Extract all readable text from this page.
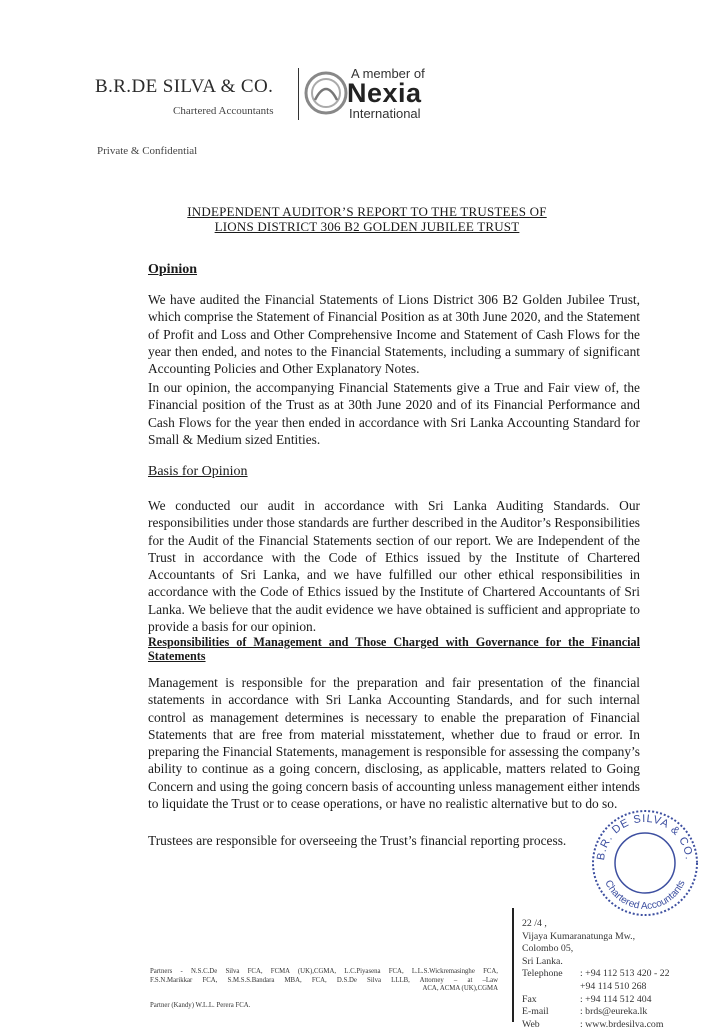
B.R.DE SILVA & CO.
Chartered Accountants
A member of
Nexia
International
Private & Confidential
INDEPENDENT AUDITOR’S REPORT TO THE TRUSTEES OF
LIONS DISTRICT 306 B2 GOLDEN JUBILEE TRUST
Opinion

We have audited the Financial Statements of Lions District 306 B2 Golden Jubilee Trust, which comprise the Statement of Financial Position as at 30th June 2020, and the Statement of Profit and Loss and Other Comprehensive Income and Statement of Cash Flows for the year then ended, and notes to the Financial Statements, including a summary of significant Accounting Policies and Other Explanatory Notes.

In our opinion, the accompanying Financial Statements give a True and Fair view of, the Financial position of the Trust as at 30th June 2020 and of its Financial Performance and Cash Flows for the year then ended in accordance with Sri Lanka Accounting Standard for Small & Medium sized Entities.

Basis for Opinion

We conducted our audit in accordance with Sri Lanka Auditing Standards. Our responsibilities under those standards are further described in the Auditor’s Responsibilities for the Audit of the Financial Statements section of our report. We are Independent of the Trust in accordance with the Code of Ethics issued by the Institute of Chartered Accountants of Sri Lanka, and we have fulfilled our other ethical responsibilities in accordance with the Code of Ethics issued by the Institute of Chartered Accountants of Sri Lanka. We believe that the audit evidence we have obtained is sufficient and appropriate to provide a basis for our opinion.

Responsibilities of Management and Those Charged with Governance for the Financial Statements

Management is responsible for the preparation and fair presentation of the financial statements in accordance with Sri Lanka Accounting Standards, and for such internal control as management determines is necessary to enable the preparation of Financial Statements that are free from material misstatement, whether due to fraud or error. In preparing the Financial Statements, management is responsible for assessing the company’s ability to continue as a going concern, disclosing, as applicable, matters related to Going Concern and using the going concern basis of accounting unless management either intends to liquidate the Trust or to cease operations, or have no realistic alternative but to do so.

Trustees are responsible for overseeing the Trust’s financial reporting process.

B.R. DE SILVA & CO.
Chartered Accountants
Partners - N.S.C.De Silva FCA, FCMA (UK),CGMA, L.C.Piyasena FCA, L.L.S.Wickremasinghe FCA,
F.S.N.Marikkar FCA, S.M.S.S.Bandara MBA, FCA, D.S.De Silva LLLB, Attorney – at –Law
ACA, ACMA (UK),CGMA
Partner (Kandy) W.L.L. Perera FCA.
22 /4 ,
Vijaya Kumaranatunga Mw.,
Colombo 05,
Sri Lanka.
Telephone : +94 112 513 420 - 22
+94 114 510 268
Fax	: +94 114 512 404
E-mail	: brds@eureka.lk
Web	: www.brdesilva.com
